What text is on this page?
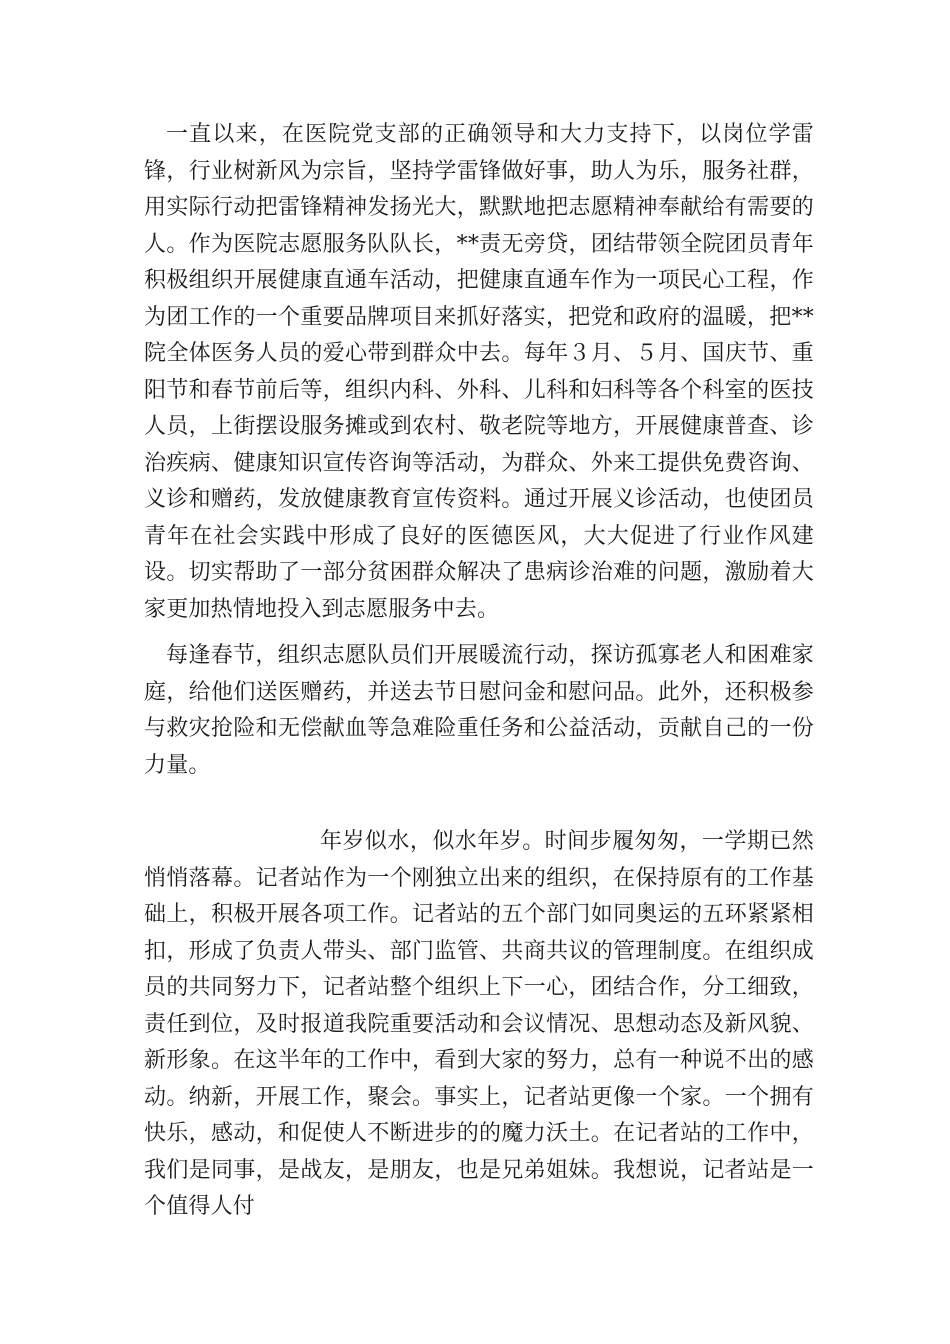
一直以来，在医院党支部的正确领导和大力支持下，以岗位学雷锋，行业树新风为宗旨，坚持学雷锋做好事，助人为乐，服务社群，用实际行动把雷锋精神发扬光大，默默地把志愿精神奉献给有需要的人。作为医院志愿服务队队长，**责无旁贷，团结带领全院团员青年积极组织开展健康直通车活动，把健康直通车作为一项民心工程，作为团工作的一个重要品牌项目来抓好落实，把党和政府的温暖，把**院全体医务人员的爱心带到群众中去。每年３月、５月、国庆节、重阳节和春节前后等，组织内科、外科、儿科和妇科等各个科室的医技人员，上街摆设服务摊或到农村、敬老院等地方，开展健康普查、诊治疾病、健康知识宣传咨询等活动，为群众、外来工提供免费咨询、义诊和赠药，发放健康教育宣传资料。通过开展义诊活动，也使团员青年在社会实践中形成了良好的医德医风，大大促进了行业作风建设。切实帮助了一部分贫困群众解决了患病诊治难的问题，激励着大家更加热情地投入到志愿服务中去。

每逢春节，组织志愿队员们开展暖流行动，探访孤寡老人和困难家庭，给他们送医赠药，并送去节日慰问金和慰问品。此外，还积极参与救灾抢险和无偿献血等急难险重任务和公益活动，贡献自己的一份力量。

年岁似水，似水年岁。时间步履匆匆，一学期已然悄悄落幕。记者站作为一个刚独立出来的组织，在保持原有的工作基础上，积极开展各项工作。记者站的五个部门如同奥运的五环紧紧相扣，形成了负责人带头、部门监管、共商共议的管理制度。在组织成员的共同努力下，记者站整个组织上下一心，团结合作，分工细致，责任到位，及时报道我院重要活动和会议情况、思想动态及新风貌、新形象。在这半年的工作中，看到大家的努力，总有一种说不出的感动。纳新，开展工作，聚会。事实上，记者站更像一个家。一个拥有快乐，感动，和促使人不断进步的的魔力沃土。在记者站的工作中，我们是同事，是战友，是朋友，也是兄弟姐妹。我想说，记者站是一个值得人付
